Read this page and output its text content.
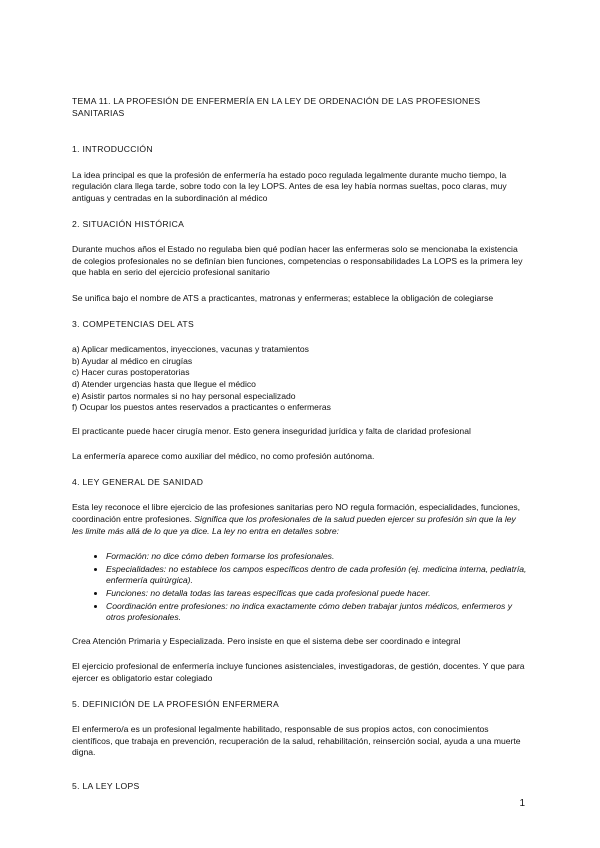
TEMA 11. LA PROFESIÓN DE ENFERMERÍA EN LA LEY DE ORDENACIÓN DE LAS PROFESIONES SANITARIAS
1. INTRODUCCIÓN

La idea principal es que la profesión de enfermería ha estado poco regulada legalmente durante mucho tiempo, la regulación clara llega tarde, sobre todo con la ley LOPS. Antes de esa ley había normas sueltas, poco claras, muy antiguas y centradas en la subordinación al médico

2. SITUACIÓN HISTÓRICA

Durante muchos años el Estado no regulaba bien qué podían hacer las enfermeras solo se mencionaba la existencia de colegios profesionales no se definían bien funciones, competencias o responsabilidades La LOPS es la primera ley que habla en serio del ejercicio profesional sanitario

Se unifica bajo el nombre de ATS a practicantes, matronas y enfermeras; establece la obligación de colegiarse

3. COMPETENCIAS DEL ATS
a) Aplicar medicamentos, inyecciones, vacunas y tratamientos
b) Ayudar al médico en cirugías
c) Hacer curas postoperatorias
d) Atender urgencias hasta que llegue el médico
e) Asistir partos normales si no hay personal especializado
f) Ocupar los puestos antes reservados a practicantes o enfermeras

El practicante puede hacer cirugía menor. Esto genera inseguridad jurídica y falta de claridad profesional

La enfermería aparece como auxiliar del médico, no como profesión autónoma.

4. LEY GENERAL DE SANIDAD

Esta ley reconoce el libre ejercicio de las profesiones sanitarias pero NO regula formación, especialidades, funciones, coordinación entre profesiones. Significa que los profesionales de la salud pueden ejercer su profesión sin que la ley les limite más allá de lo que ya dice. La ley no entra en detalles sobre:

• Formación: no dice cómo deben formarse los profesionales.
• Especialidades: no establece los campos específicos dentro de cada profesión (ej. medicina interna, pediatría, enfermería quirúrgica).
• Funciones: no detalla todas las tareas específicas que cada profesional puede hacer.
• Coordinación entre profesiones: no indica exactamente cómo deben trabajar juntos médicos, enfermeros y otros profesionales.

Crea Atención Primaria y Especializada. Pero insiste en que el sistema debe ser coordinado e integral

El ejercicio profesional de enfermería incluye funciones asistenciales, investigadoras, de gestión, docentes. Y que para ejercer es obligatorio estar colegiado

5. DEFINICIÓN DE LA PROFESIÓN ENFERMERA

El enfermero/a es un profesional legalmente habilitado, responsable de sus propios actos, con conocimientos científicos, que trabaja en prevención, recuperación de la salud, rehabilitación, reinserción social, ayuda a una muerte digna.

5. LA LEY LOPS
1
